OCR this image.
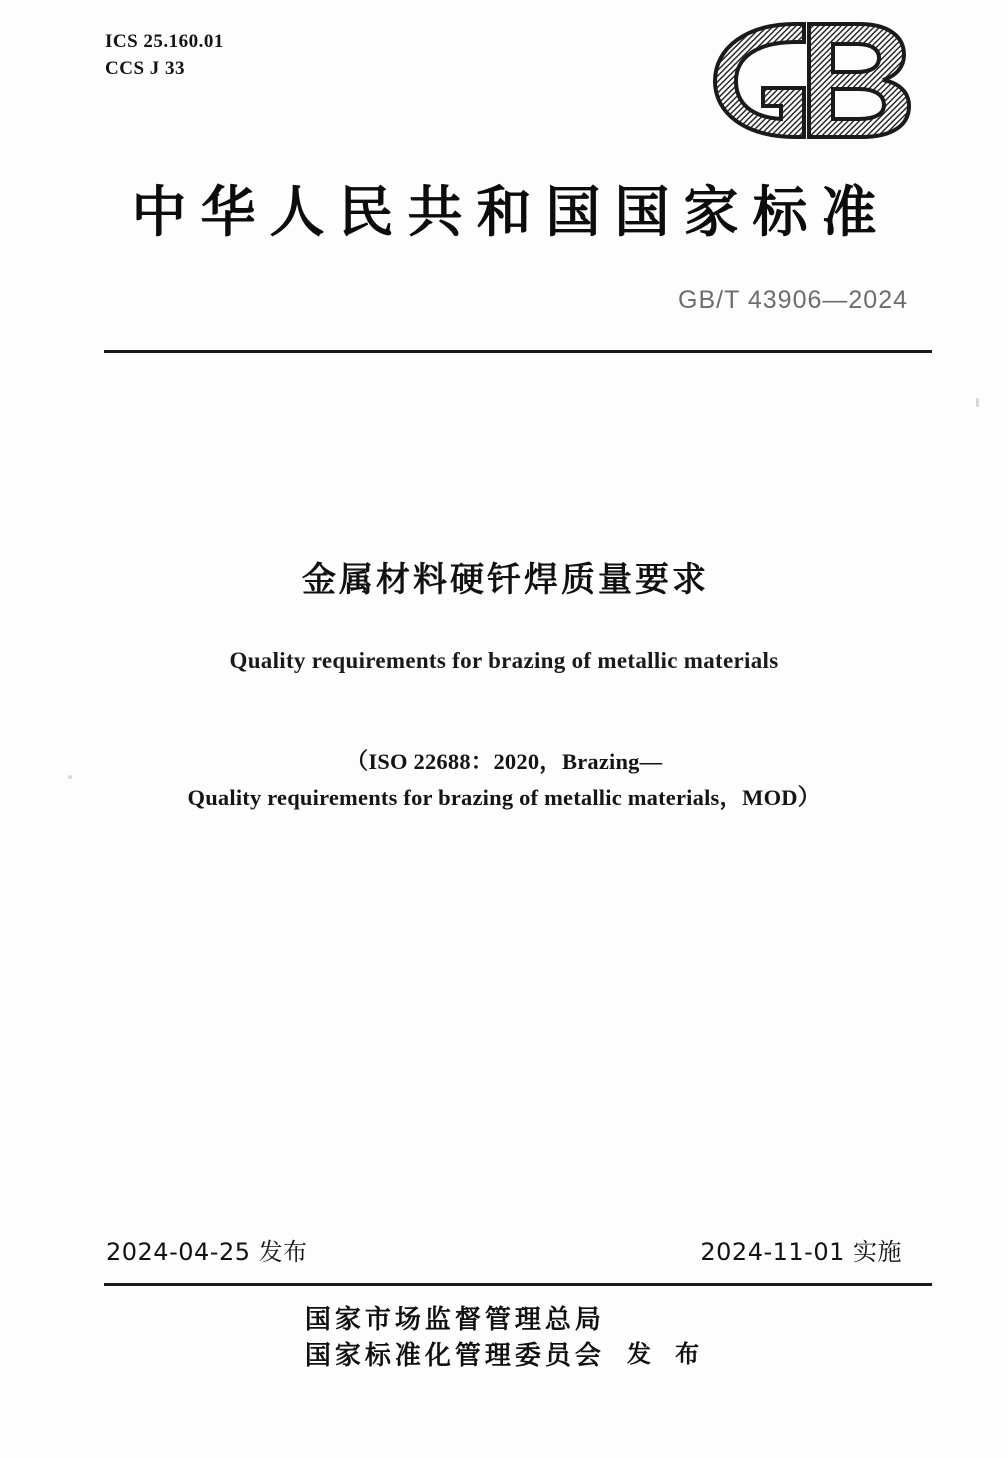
ICS 25.160.01
CCS J 33
中华人民共和国国家标准
GB/T 43906—2024
金属材料硬钎焊质量要求
Quality requirements for brazing of metallic materials
（ISO 22688：2020，Brazing—
Quality requirements for brazing of metallic materials，MOD）
2024-04-25 发布	2024-11-01 实施
国家市场监督管理总局
国家标准化管理委员会 发 布
